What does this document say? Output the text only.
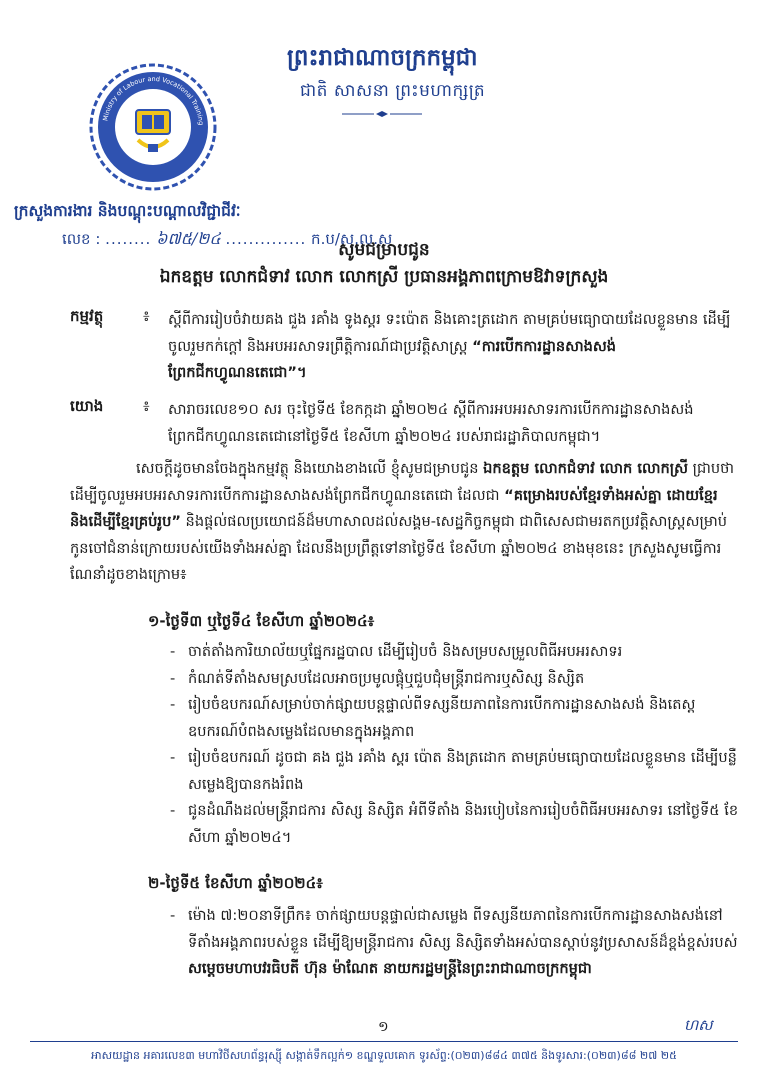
ព្រះរាជាណាចក្រកម្ពុជា
ជាតិ សាសនា ព្រះមហាក្សត្រ
Ministry of Labour and Vocational Training
ក្រសួងការងារ និងបណ្តុះបណ្តាលវិជ្ជាជីវៈ
លេខ : ........ ៦៧៥/២៤ .............. ក.ប/ស.ល.ស
សូមជម្រាបជូន
ឯកឧត្តម លោកជំទាវ លោក លោកស្រី ប្រធានអង្គភាពក្រោមឱវាទក្រសួង
កម្មវត្ថុ	៖ ស្តីពីការរៀបចំវាយគង ជួង រគាំង ទូងស្គរ ទះប៉ោត និងគោះត្រដោក តាមគ្រប់មធ្យោបាយដែលខ្លួនមាន ដើម្បីចូលរួមកក់ក្តៅ និងអបអរសាទរព្រឹត្តិការណ៍ជាប្រវត្តិសាស្ត្រ “ការបើកការដ្ឋានសាងសង់ព្រែកជីកហ្វូណនតេជោ”។
យោង	៖ សារាចរលេខ១០ សរ ចុះថ្ងៃទី៥ ខែកក្កដា ឆ្នាំ២០២៤ ស្តីពីការអបអរសាទរការបើកការដ្ឋានសាងសង់ព្រែកជីកហ្វូណនតេជោនៅថ្ងៃទី៥ ខែសីហា ឆ្នាំ២០២៤ របស់រាជរដ្ឋាភិបាលកម្ពុជា។
សេចក្តីដូចមានចែងក្នុងកម្មវត្ថុ និងយោងខាងលើ ខ្ញុំសូមជម្រាបជូន ឯកឧត្តម លោកជំទាវ លោក លោកស្រី ជ្រាបថា ដើម្បីចូលរួមអបអរសាទរការបើកការដ្ឋានសាងសង់ព្រែកជីកហ្វូណនតេជោ ដែលជា “គម្រោងរបស់ខ្មែរទាំងអស់គ្នា ដោយខ្មែរ និងដើម្បីខ្មែរគ្រប់រូប” និងផ្តល់ផលប្រយោជន៍ដ៏មហាសាលដល់សង្គម-សេដ្ឋកិច្ចកម្ពុជា ជាពិសេសជាមរតកប្រវត្តិសាស្ត្រសម្រាប់កូនចៅជំនាន់ក្រោយរបស់យើងទាំងអស់គ្នា ដែលនឹងប្រព្រឹត្តទៅនាថ្ងៃទី៥ ខែសីហា ឆ្នាំ២០២៤ ខាងមុខនេះ ក្រសួងសូមធ្វើការណែនាំដូចខាងក្រោម៖
១-ថ្ងៃទី៣ ឬថ្ងៃទី៤ ខែសីហា ឆ្នាំ២០២៤៖
- ចាត់តាំងការិយាល័យឬផ្នែករដ្ឋបាល ដើម្បីរៀបចំ និងសម្របសម្រួលពិធីអបអរសាទរ
- កំណត់ទីតាំងសមស្របដែលអាចប្រមូលផ្តុំឬជួបជុំមន្ត្រីរាជការឬសិស្ស និស្សិត
- រៀបចំឧបករណ៍សម្រាប់ចាក់ផ្សាយបន្តផ្ទាល់ពីទស្សនីយភាពនៃការបើកការដ្ឋានសាងសង់ និងតេស្តឧបករណ៍បំពងសម្លេងដែលមានក្នុងអង្គភាព
- រៀបចំឧបករណ៍ ដូចជា គង ជួង រគាំង ស្គរ ប៉ោត និងត្រដោក តាមគ្រប់មធ្យោបាយដែលខ្លួនមាន ដើម្បីបន្លឺសម្លេងឱ្យបានកងរំពង
- ជូនដំណឹងដល់មន្ត្រីរាជការ សិស្ស និស្សិត អំពីទីតាំង និងរបៀបនៃការរៀបចំពិធីអបអរសាទរ នៅថ្ងៃទី៥ ខែសីហា ឆ្នាំ២០២៤។
២-ថ្ងៃទី៥ ខែសីហា ឆ្នាំ២០២៤៖
- ម៉ោង ៧:២០នាទីព្រឹក៖ ចាក់ផ្សាយបន្តផ្ទាល់ជាសម្លេង ពីទស្សនីយភាពនៃការបើកការដ្ឋានសាងសង់នៅទីតាំងអង្គភាពរបស់ខ្លួន ដើម្បីឱ្យមន្ត្រីរាជការ សិស្ស និស្សិតទាំងអស់បានស្តាប់នូវប្រសាសន៍ដ៏ខ្ពង់ខ្ពស់របស់ សម្តេចមហាបវរធិបតី ហ៊ុន ម៉ាណែត នាយករដ្ឋមន្ត្រីនៃព្រះរាជាណាចក្រកម្ពុជា
១	ហស
អាសយដ្ឋាន អគារលេខ៣ មហាវិថីសហព័ន្ធរុស្ស៊ី សង្កាត់ទឹកល្អក់១ ខណ្ឌទួលគោក ទូរស័ព្ទ:(០២៣)៨៨៤ ៣៧៥ និងទូរសារ:(០២៣)៨៨ ២៧ ២៥
